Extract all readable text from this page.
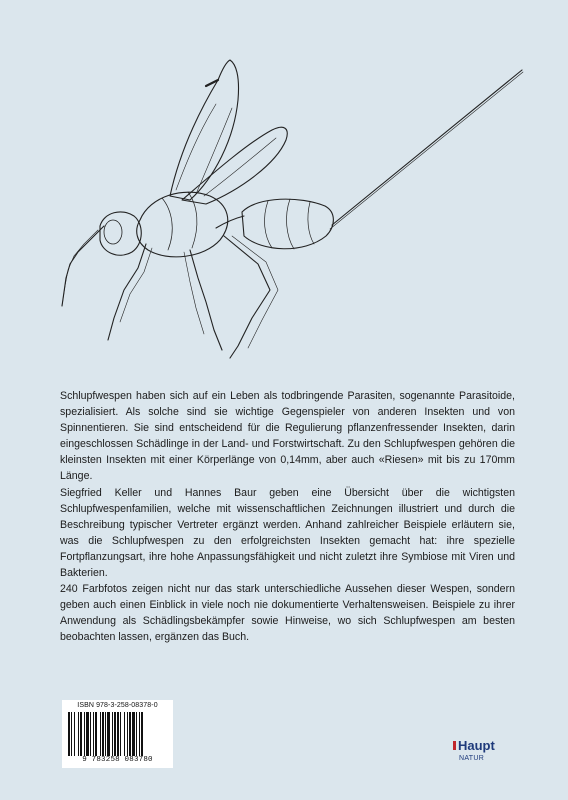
Schlupfwespen haben sich auf ein Leben als todbringende Parasiten, sogenannte Parasitoide, spezialisiert. Als solche sind sie wichtige Gegenspieler von anderen Insekten und von Spinnentieren. Sie sind entscheidend für die Regulierung pflanzenfressender Insekten, darin eingeschlossen Schädlinge in der Land- und Forstwirtschaft. Zu den Schlupfwespen gehören die kleinsten Insekten mit einer Körperlänge von 0,14mm, aber auch «Riesen» mit bis zu 170mm Länge.

Siegfried Keller und Hannes Baur geben eine Übersicht über die wichtigsten Schlupfwespenfamilien, welche mit wissenschaftlichen Zeichnungen illustriert und durch die Beschreibung typischer Vertreter ergänzt werden. Anhand zahlreicher Beispiele erläutern sie, was die Schlupfwespen zu den erfolgreichsten Insekten gemacht hat: ihre spezielle Fortpflanzungsart, ihre hohe Anpassungsfähigkeit und nicht zuletzt ihre Symbiose mit Viren und Bakterien.

240 Farbfotos zeigen nicht nur das stark unterschiedliche Aussehen dieser Wespen, sondern geben auch einen Einblick in viele noch nie dokumentierte Verhaltensweisen. Beispiele zu ihrer Anwendung als Schädlingsbekämpfer sowie Hinweise, wo sich Schlupfwespen am besten beobachten lassen, ergänzen das Buch.

ISBN 978-3-258-08378-0
9 783258 083780
Haupt
NATUR
